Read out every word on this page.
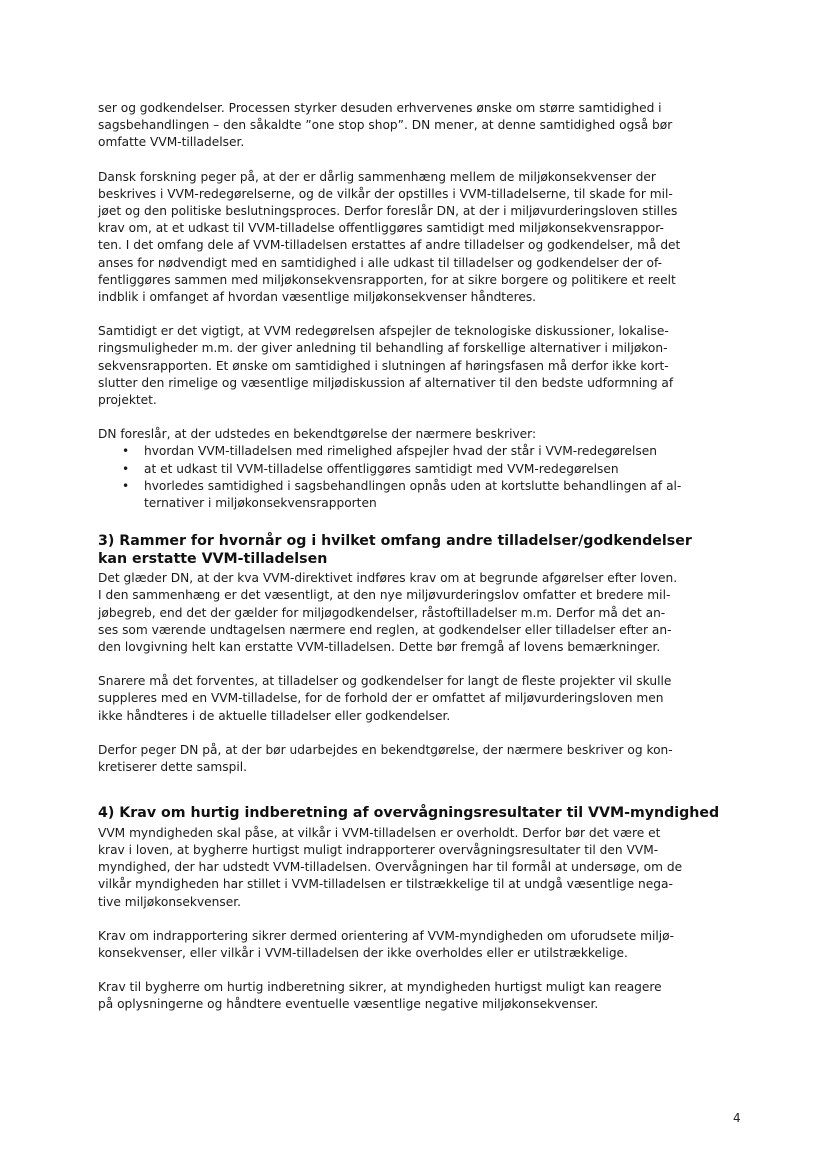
ser og godkendelser. Processen styrker desuden erhvervenes ønske om større samtidighed i
sagsbehandlingen – den såkaldte ”one stop shop”. DN mener, at denne samtidighed også bør
omfatte VVM-tilladelser.

Dansk forskning peger på, at der er dårlig sammenhæng mellem de miljøkonsekvenser der
beskrives i VVM-redegørelserne, og de vilkår der opstilles i VVM-tilladelserne, til skade for mil-
jøet og den politiske beslutningsproces. Derfor foreslår DN, at der i miljøvurderingsloven stilles
krav om, at et udkast til VVM-tilladelse offentliggøres samtidigt med miljøkonsekvensrappor-
ten. I det omfang dele af VVM-tilladelsen erstattes af andre tilladelser og godkendelser, må det
anses for nødvendigt med en samtidighed i alle udkast til tilladelser og godkendelser der of-
fentliggøres sammen med miljøkonsekvensrapporten, for at sikre borgere og politikere et reelt
indblik i omfanget af hvordan væsentlige miljøkonsekvenser håndteres.

Samtidigt er det vigtigt, at VVM redegørelsen afspejler de teknologiske diskussioner, lokalise-
ringsmuligheder m.m. der giver anledning til behandling af forskellige alternativer i miljøkon-
sekvensrapporten. Et ønske om samtidighed i slutningen af høringsfasen må derfor ikke kort-
slutter den rimelige og væsentlige miljødiskussion af alternativer til den bedste udformning af
projektet.

DN foreslår, at der udstedes en bekendtgørelse der nærmere beskriver:

• hvordan VVM-tilladelsen med rimelighed afspejler hvad der står i VVM-redegørelsen
• at et udkast til VVM-tilladelse offentliggøres samtidigt med VVM-redegørelsen
• hvorledes samtidighed i sagsbehandlingen opnås uden at kortslutte behandlingen af al-
ternativer i miljøkonsekvensrapporten
3) Rammer for hvornår og i hvilket omfang andre tilladelser/godkendelser
kan erstatte VVM-tilladelsen

Det glæder DN, at der kva VVM-direktivet indføres krav om at begrunde afgørelser efter loven.
I den sammenhæng er det væsentligt, at den nye miljøvurderingslov omfatter et bredere mil-
jøbegreb, end det der gælder for miljøgodkendelser, råstoftilladelser m.m. Derfor må det an-
ses som værende undtagelsen nærmere end reglen, at godkendelser eller tilladelser efter an-
den lovgivning helt kan erstatte VVM-tilladelsen. Dette bør fremgå af lovens bemærkninger.

Snarere må det forventes, at tilladelser og godkendelser for langt de fleste projekter vil skulle
suppleres med en VVM-tilladelse, for de forhold der er omfattet af miljøvurderingsloven men
ikke håndteres i de aktuelle tilladelser eller godkendelser.

Derfor peger DN på, at der bør udarbejdes en bekendtgørelse, der nærmere beskriver og kon-
kretiserer dette samspil.

4) Krav om hurtig indberetning af overvågningsresultater til VVM-myndighed

VVM myndigheden skal påse, at vilkår i VVM-tilladelsen er overholdt. Derfor bør det være et
krav i loven, at bygherre hurtigst muligt indrapporterer overvågningsresultater til den VVM-
myndighed, der har udstedt VVM-tilladelsen. Overvågningen har til formål at undersøge, om de
vilkår myndigheden har stillet i VVM-tilladelsen er tilstrækkelige til at undgå væsentlige nega-
tive miljøkonsekvenser.

Krav om indrapportering sikrer dermed orientering af VVM-myndigheden om uforudsete miljø-
konsekvenser, eller vilkår i VVM-tilladelsen der ikke overholdes eller er utilstrækkelige.

Krav til bygherre om hurtig indberetning sikrer, at myndigheden hurtigst muligt kan reagere
på oplysningerne og håndtere eventuelle væsentlige negative miljøkonsekvenser.

4
